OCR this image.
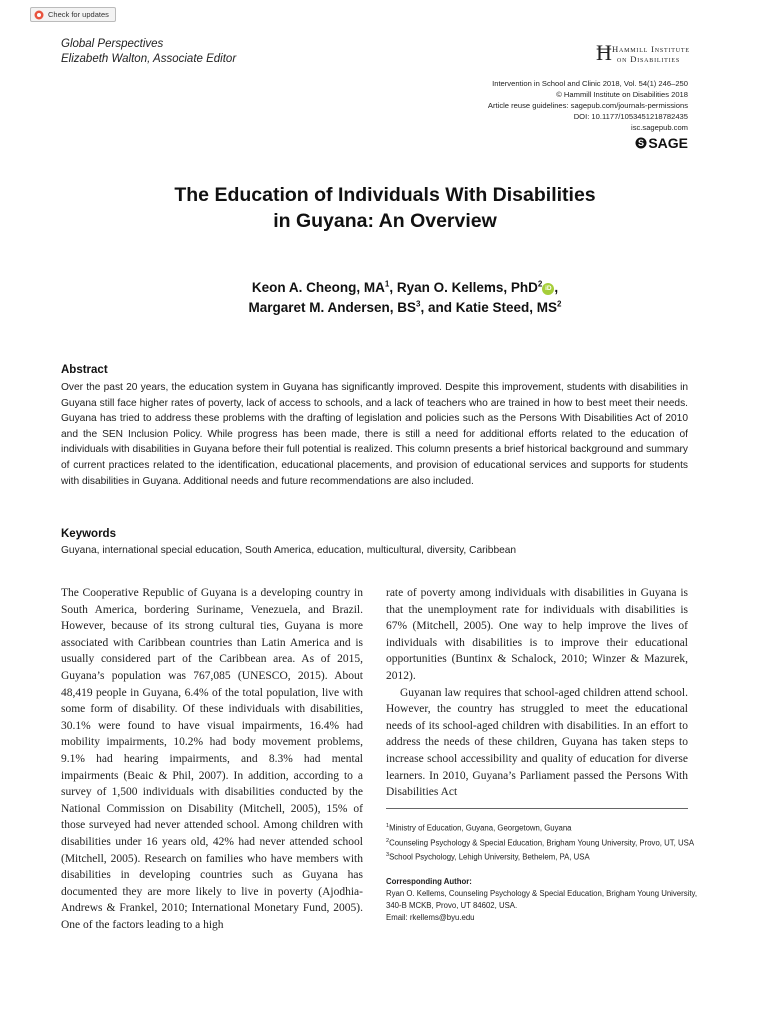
Check for updates
Global Perspectives
Elizabeth Walton, Associate Editor	Ħ Hammill Institute
on Disabilities
Intervention in School and Clinic 2018, Vol. 54(1) 246–250
© Hammill Institute on Disabilities 2018
Article reuse guidelines: sagepub.com/journals-permissions
DOI: 10.1177/1053451218782435
isc.sagepub.com
S SAGE
The Education of Individuals With Disabilities
in Guyana: An Overview
Keon A. Cheong, $MA^1$, Ryan O. Kellems, PhD$^2$ iD ,
Margaret M. Andersen, $BS^3$, and Katie Steed, $MS^2$
Abstract
Over the past 20 years, the education system in Guyana has significantly improved. Despite this improvement, students with disabilities in Guyana still face higher rates of poverty, lack of access to schools, and a lack of teachers who are trained in how to best meet their needs. Guyana has tried to address these problems with the drafting of legislation and policies such as the Persons With Disabilities Act of 2010 and the SEN Inclusion Policy. While progress has been made, there is still a need for additional efforts related to the education of individuals with disabilities in Guyana before their full potential is realized. This column presents a brief historical background and summary of current practices related to the identification, educational placements, and provision of educational services and supports for students with disabilities in Guyana. Additional needs and future recommendations are also included.
Keywords
Guyana, international special education, South America, education, multicultural, diversity, Caribbean

The Cooperative Republic of Guyana is a developing country in South America, bordering Suriname, Venezuela, and Brazil. However, because of its strong cultural ties, Guyana is more associated with Caribbean countries than Latin America and is usually considered part of the Caribbean area. As of 2015, Guyana’s population was 767,085 (UNESCO, 2015). About 48,419 people in Guyana, 6.4% of the total population, live with some form of disability. Of these individuals with disabilities, 30.1% were found to have visual impairments, 16.4% had mobility impairments, 10.2% had body movement problems, 9.1% had hearing impairments, and 8.3% had mental impairments (Beaic & Phil, 2007). In addition, according to a survey of 1,500 individuals with disabilities conducted by the National Commission on Disability (Mitchell, 2005), 15% of those surveyed had never attended school. Among children with disabilities under 16 years old, 42% had never attended school (Mitchell, 2005). Research on families who have members with disabilities in developing countries such as Guyana has documented they are more likely to live in poverty (Ajodhia-Andrews & Frankel, 2010; International Monetary Fund, 2005). One of the factors leading to a high

rate of poverty among individuals with disabilities in Guyana is that the unemployment rate for individuals with disabilities is 67% (Mitchell, 2005). One way to help improve the lives of individuals with disabilities is to improve their educational opportunities (Buntinx & Schalock, 2010; Winzer & Mazurek, 2012).

Guyanan law requires that school-aged children attend school. However, the country has struggled to meet the educational needs of its school-aged children with disabilities. In an effort to address the needs of these children, Guyana has taken steps to increase school accessibility and quality of education for diverse learners. In 2010, Guyana’s Parliament passed the Persons With Disabilities Act

$^1$Ministry of Education, Guyana, Georgetown, Guyana

$^2$Counseling Psychology & Special Education, Brigham Young University, Provo, UT, USA

$^3$School Psychology, Lehigh University, Bethelem, PA, USA

Corresponding Author:

Ryan O. Kellems, Counseling Psychology & Special Education, Brigham Young University, 340-B MCKB, Provo, UT 84602, USA.

Email: rkellems@byu.edu
